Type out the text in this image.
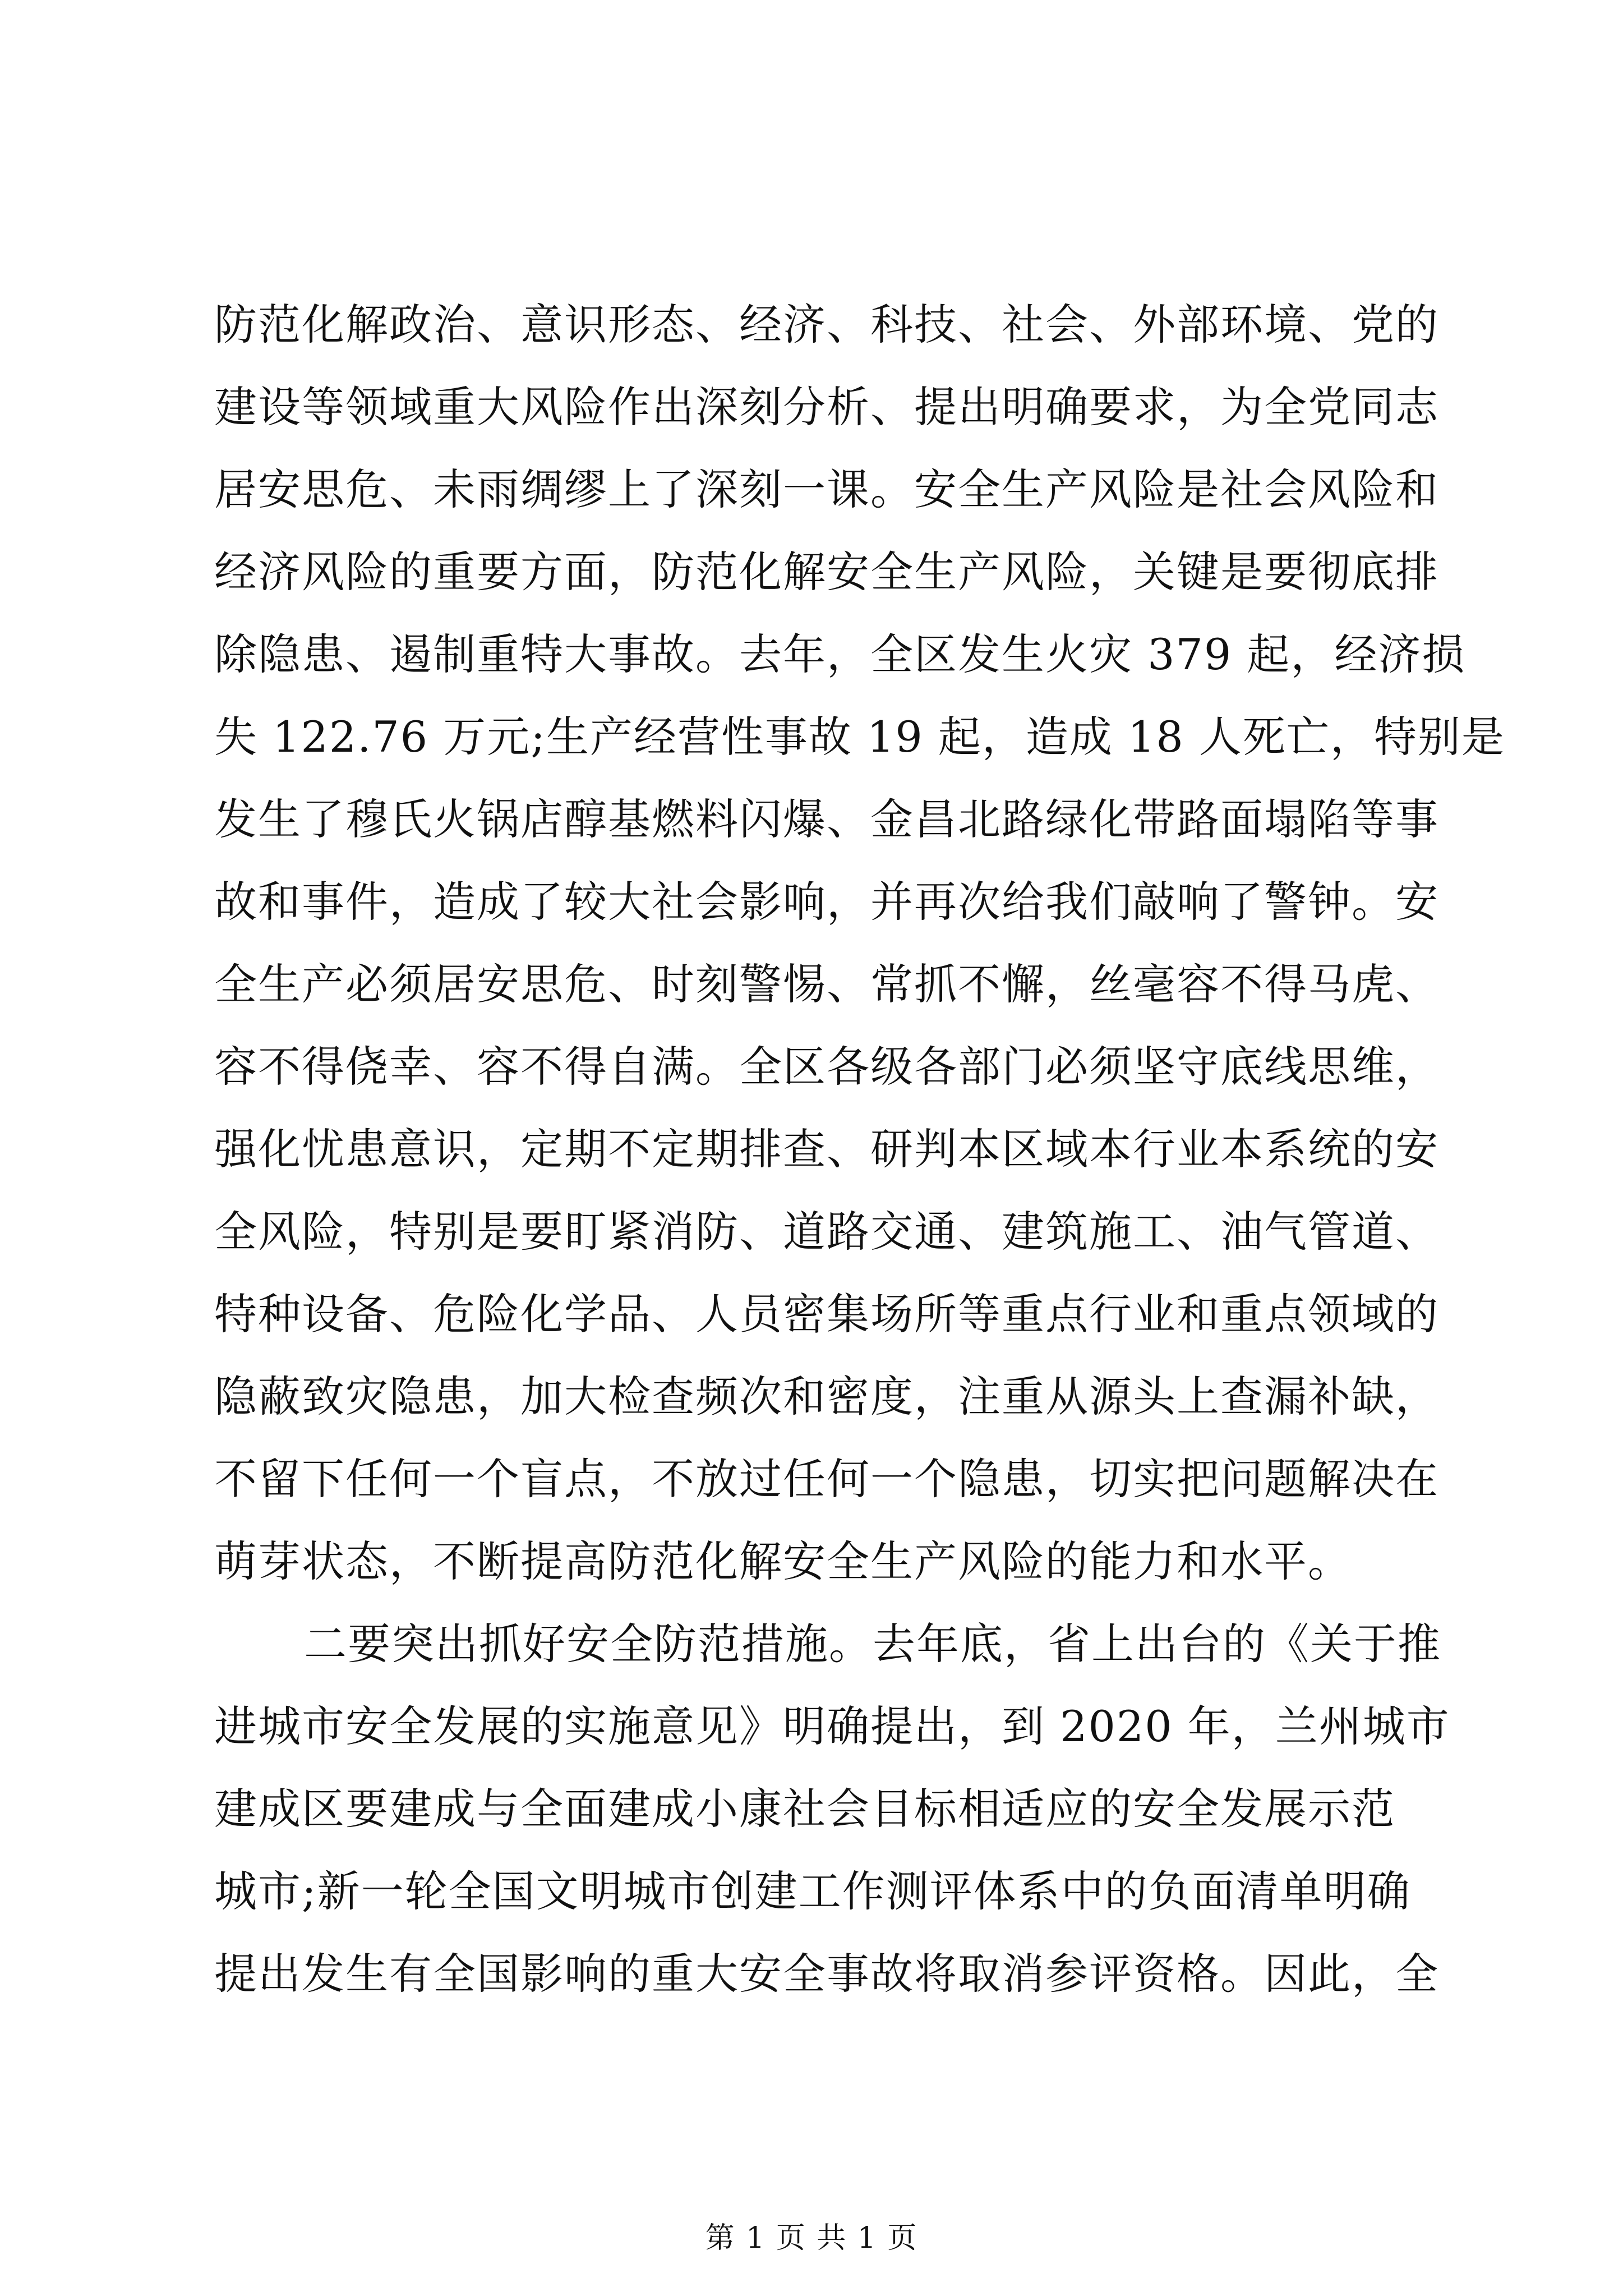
防范化解政治、意识形态、经济、科技、社会、外部环境、党的
建设等领域重大风险作出深刻分析、提出明确要求，为全党同志
居安思危、未雨绸缪上了深刻一课。安全生产风险是社会风险和
经济风险的重要方面，防范化解安全生产风险，关键是要彻底排
除隐患、遏制重特大事故。去年，全区发生火灾 379 起，经济损
失 122.76 万元;生产经营性事故 19 起，造成 18 人死亡，特别是
发生了穆氏火锅店醇基燃料闪爆、金昌北路绿化带路面塌陷等事
故和事件，造成了较大社会影响，并再次给我们敲响了警钟。安
全生产必须居安思危、时刻警惕、常抓不懈，丝毫容不得马虎、
容不得侥幸、容不得自满。全区各级各部门必须坚守底线思维，
强化忧患意识，定期不定期排查、研判本区域本行业本系统的安
全风险，特别是要盯紧消防、道路交通、建筑施工、油气管道、
特种设备、危险化学品、人员密集场所等重点行业和重点领域的
隐蔽致灾隐患，加大检查频次和密度，注重从源头上查漏补缺，
不留下任何一个盲点，不放过任何一个隐患，切实把问题解决在
萌芽状态，不断提高防范化解安全生产风险的能力和水平。
二要突出抓好安全防范措施。去年底，省上出台的《关于推
进城市安全发展的实施意见》明确提出，到 2020 年，兰州城市
建成区要建成与全面建成小康社会目标相适应的安全发展示范
城市;新一轮全国文明城市创建工作测评体系中的负面清单明确
提出发生有全国影响的重大安全事故将取消参评资格。因此，全
第 1 页 共 1 页
